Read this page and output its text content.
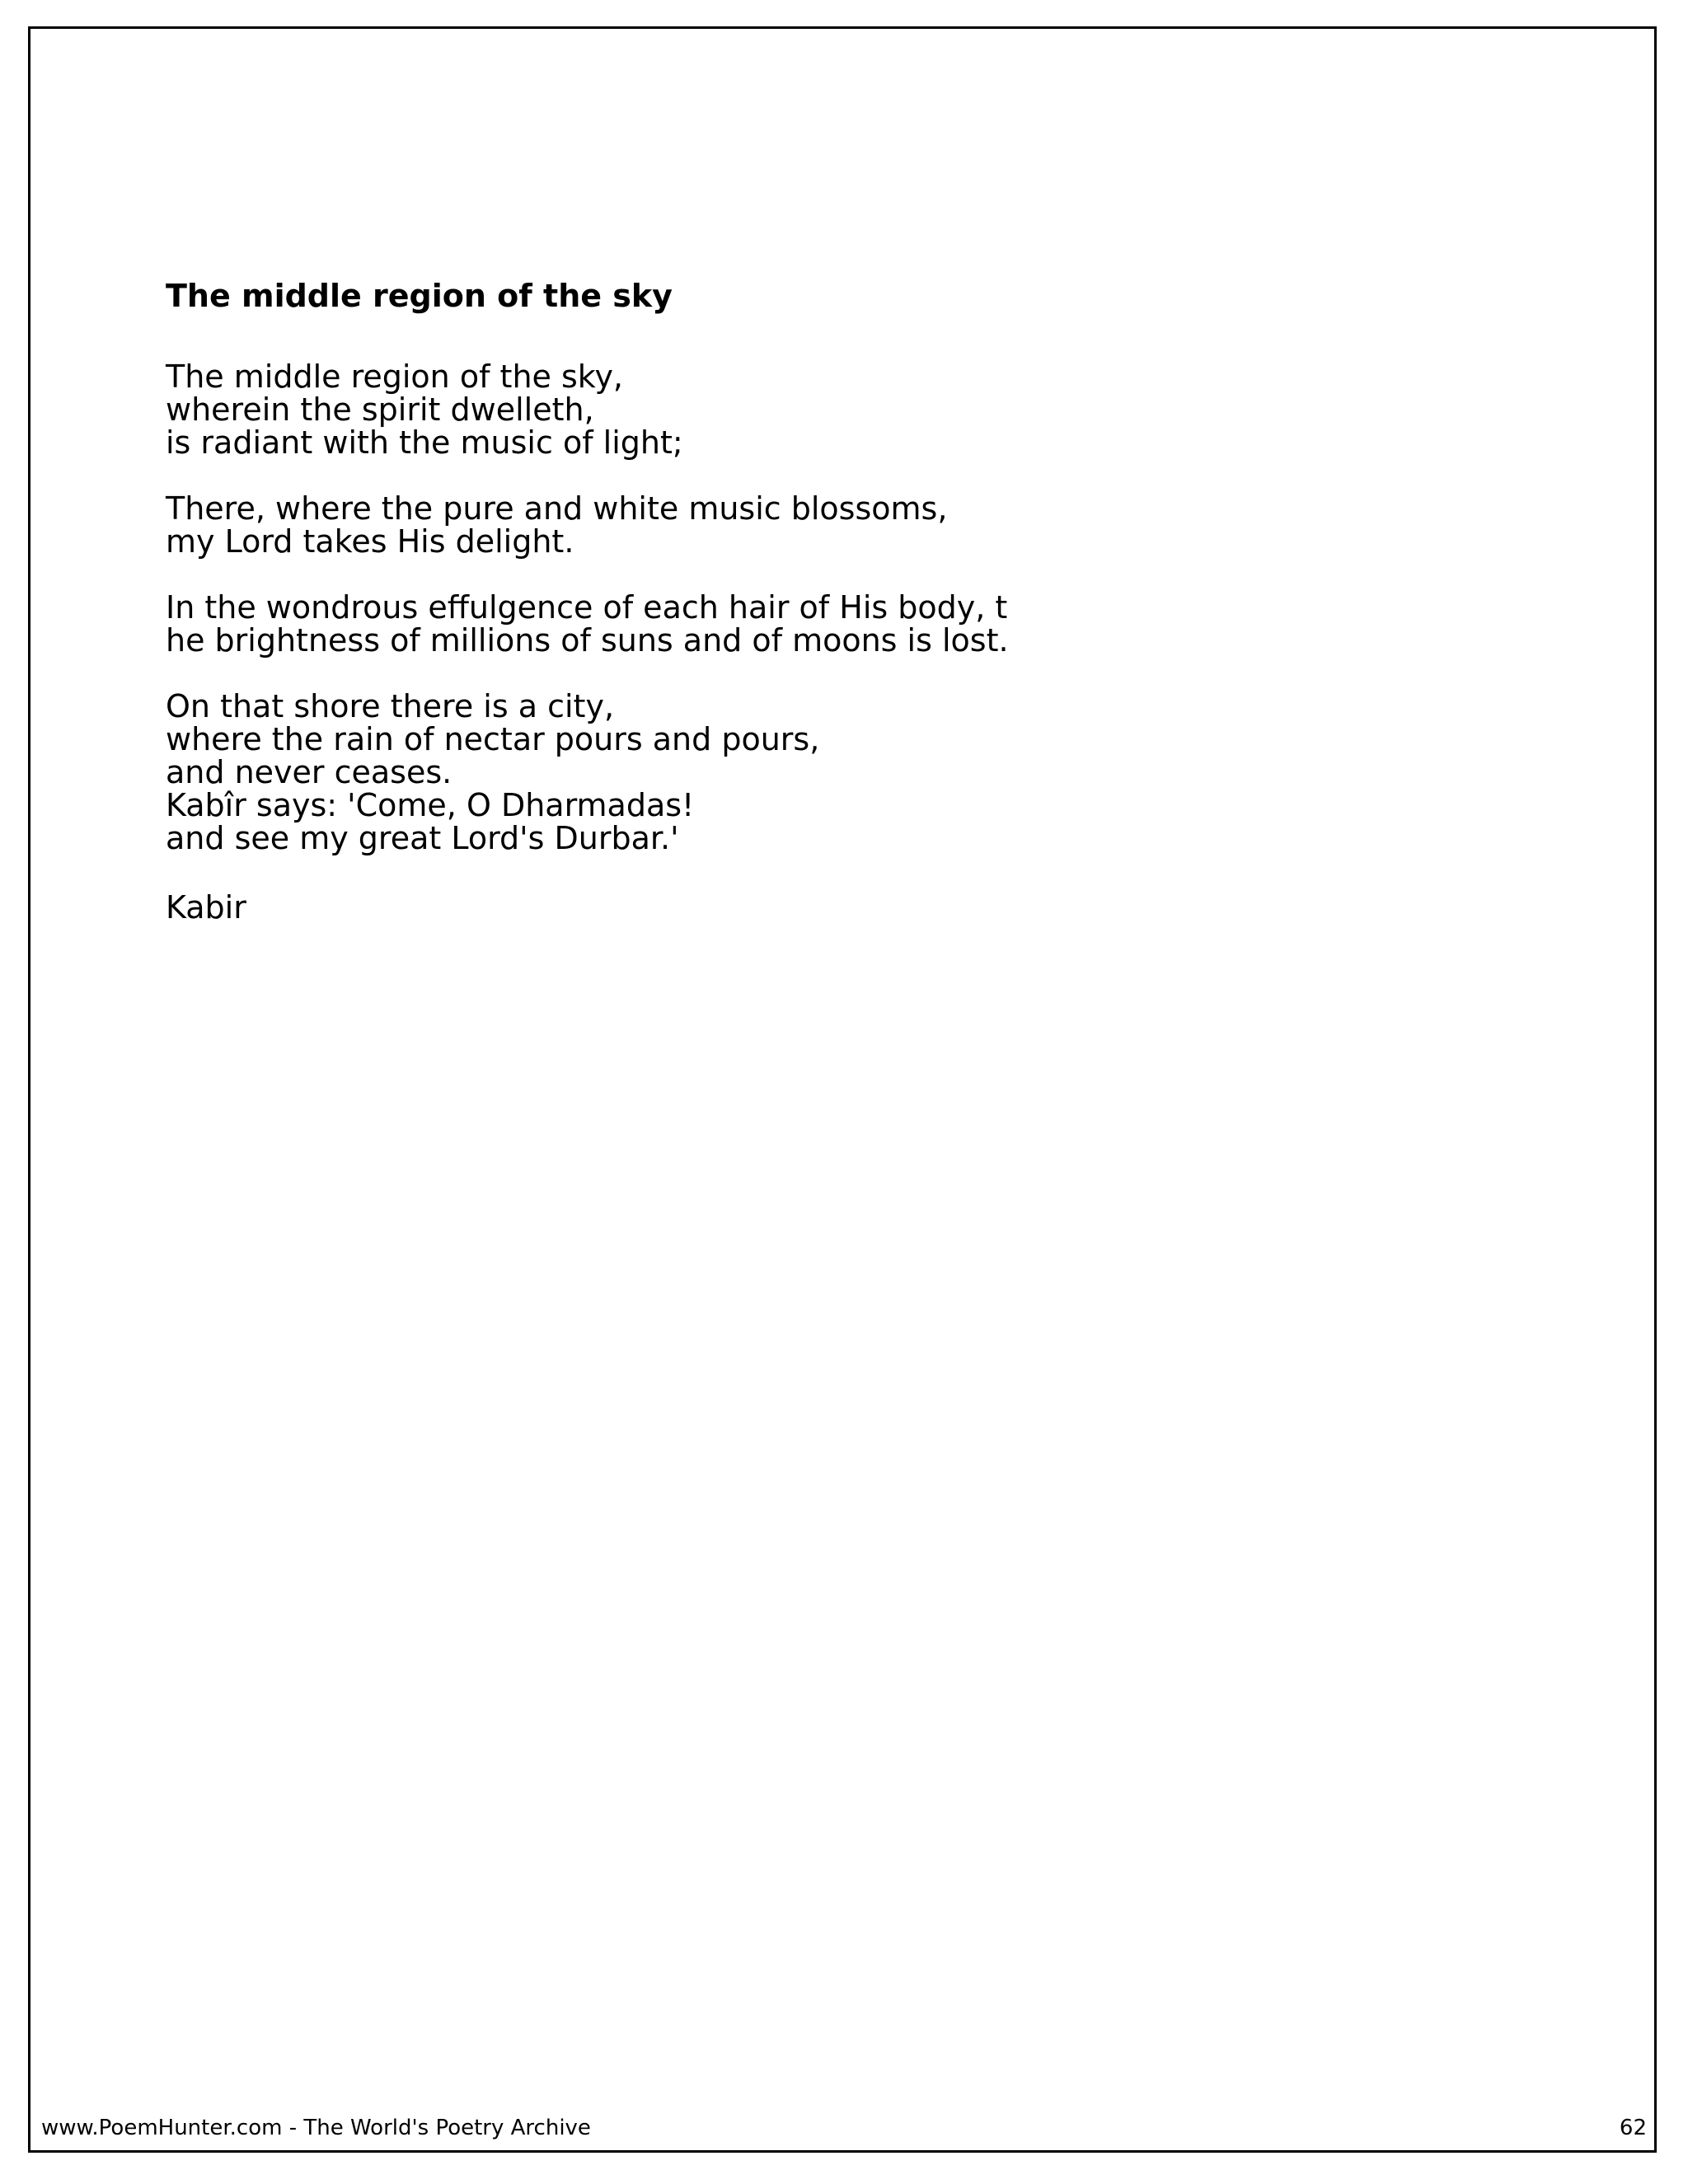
The middle region of the sky
The middle region of the sky,
wherein the spirit dwelleth,
is radiant with the music of light;
There, where the pure and white music blossoms,
my Lord takes His delight.
In the wondrous effulgence of each hair of His body, t
he brightness of millions of suns and of moons is lost.
On that shore there is a city,
where the rain of nectar pours and pours,
and never ceases.
Kabîr says: 'Come, O Dharmadas!
and see my great Lord's Durbar.'

Kabir

www.PoemHunter.com - The World's Poetry Archive	62
